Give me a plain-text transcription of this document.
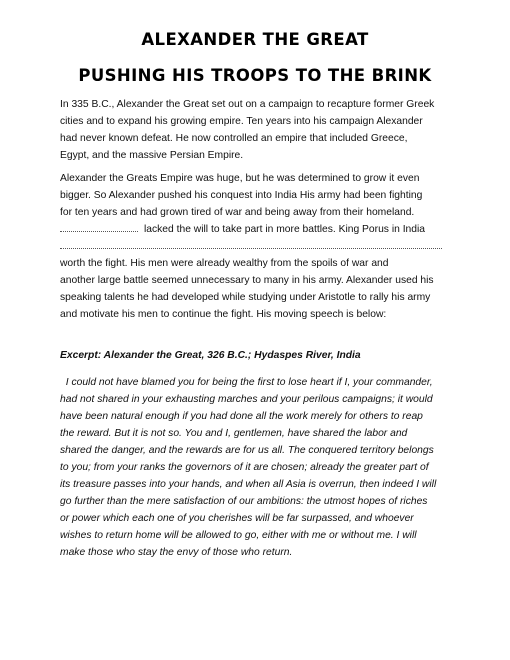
ALEXANDER THE GREAT
PUSHING HIS TROOPS TO THE BRINK
In 335 B.C., Alexander the Great set out on a campaign to recapture former Greek
cities and to expand his growing empire. Ten years into his campaign Alexander
had never known defeat. He now controlled an empire that included Greece,
Egypt, and the massive Persian Empire.
Alexander the Greats Empire was huge, but he was determined to grow it even
bigger. So Alexander pushed his conquest into India His army had been fighting
for ten years and had grown tired of war and being away from their homeland.
lacked the will to take part in more battles. King Porus in India
worth the fight. His men were already wealthy from the spoils of war and
another large battle seemed unnecessary to many in his army. Alexander used his
speaking talents he had developed while studying under Aristotle to rally his army
and motivate his men to continue the fight. His moving speech is below:
Excerpt: Alexander the Great, 326 B.C.; Hydaspes River, India
I could not have blamed you for being the first to lose heart if I, your commander,
had not shared in your exhausting marches and your perilous campaigns; it would
have been natural enough if you had done all the work merely for others to reap
the reward. But it is not so. You and I, gentlemen, have shared the labor and
shared the danger, and the rewards are for us all. The conquered territory belongs
to you; from your ranks the governors of it are chosen; already the greater part of
its treasure passes into your hands, and when all Asia is overrun, then indeed I will
go further than the mere satisfaction of our ambitions: the utmost hopes of riches
or power which each one of you cherishes will be far surpassed, and whoever
wishes to return home will be allowed to go, either with me or without me. I will
make those who stay the envy of those who return.
